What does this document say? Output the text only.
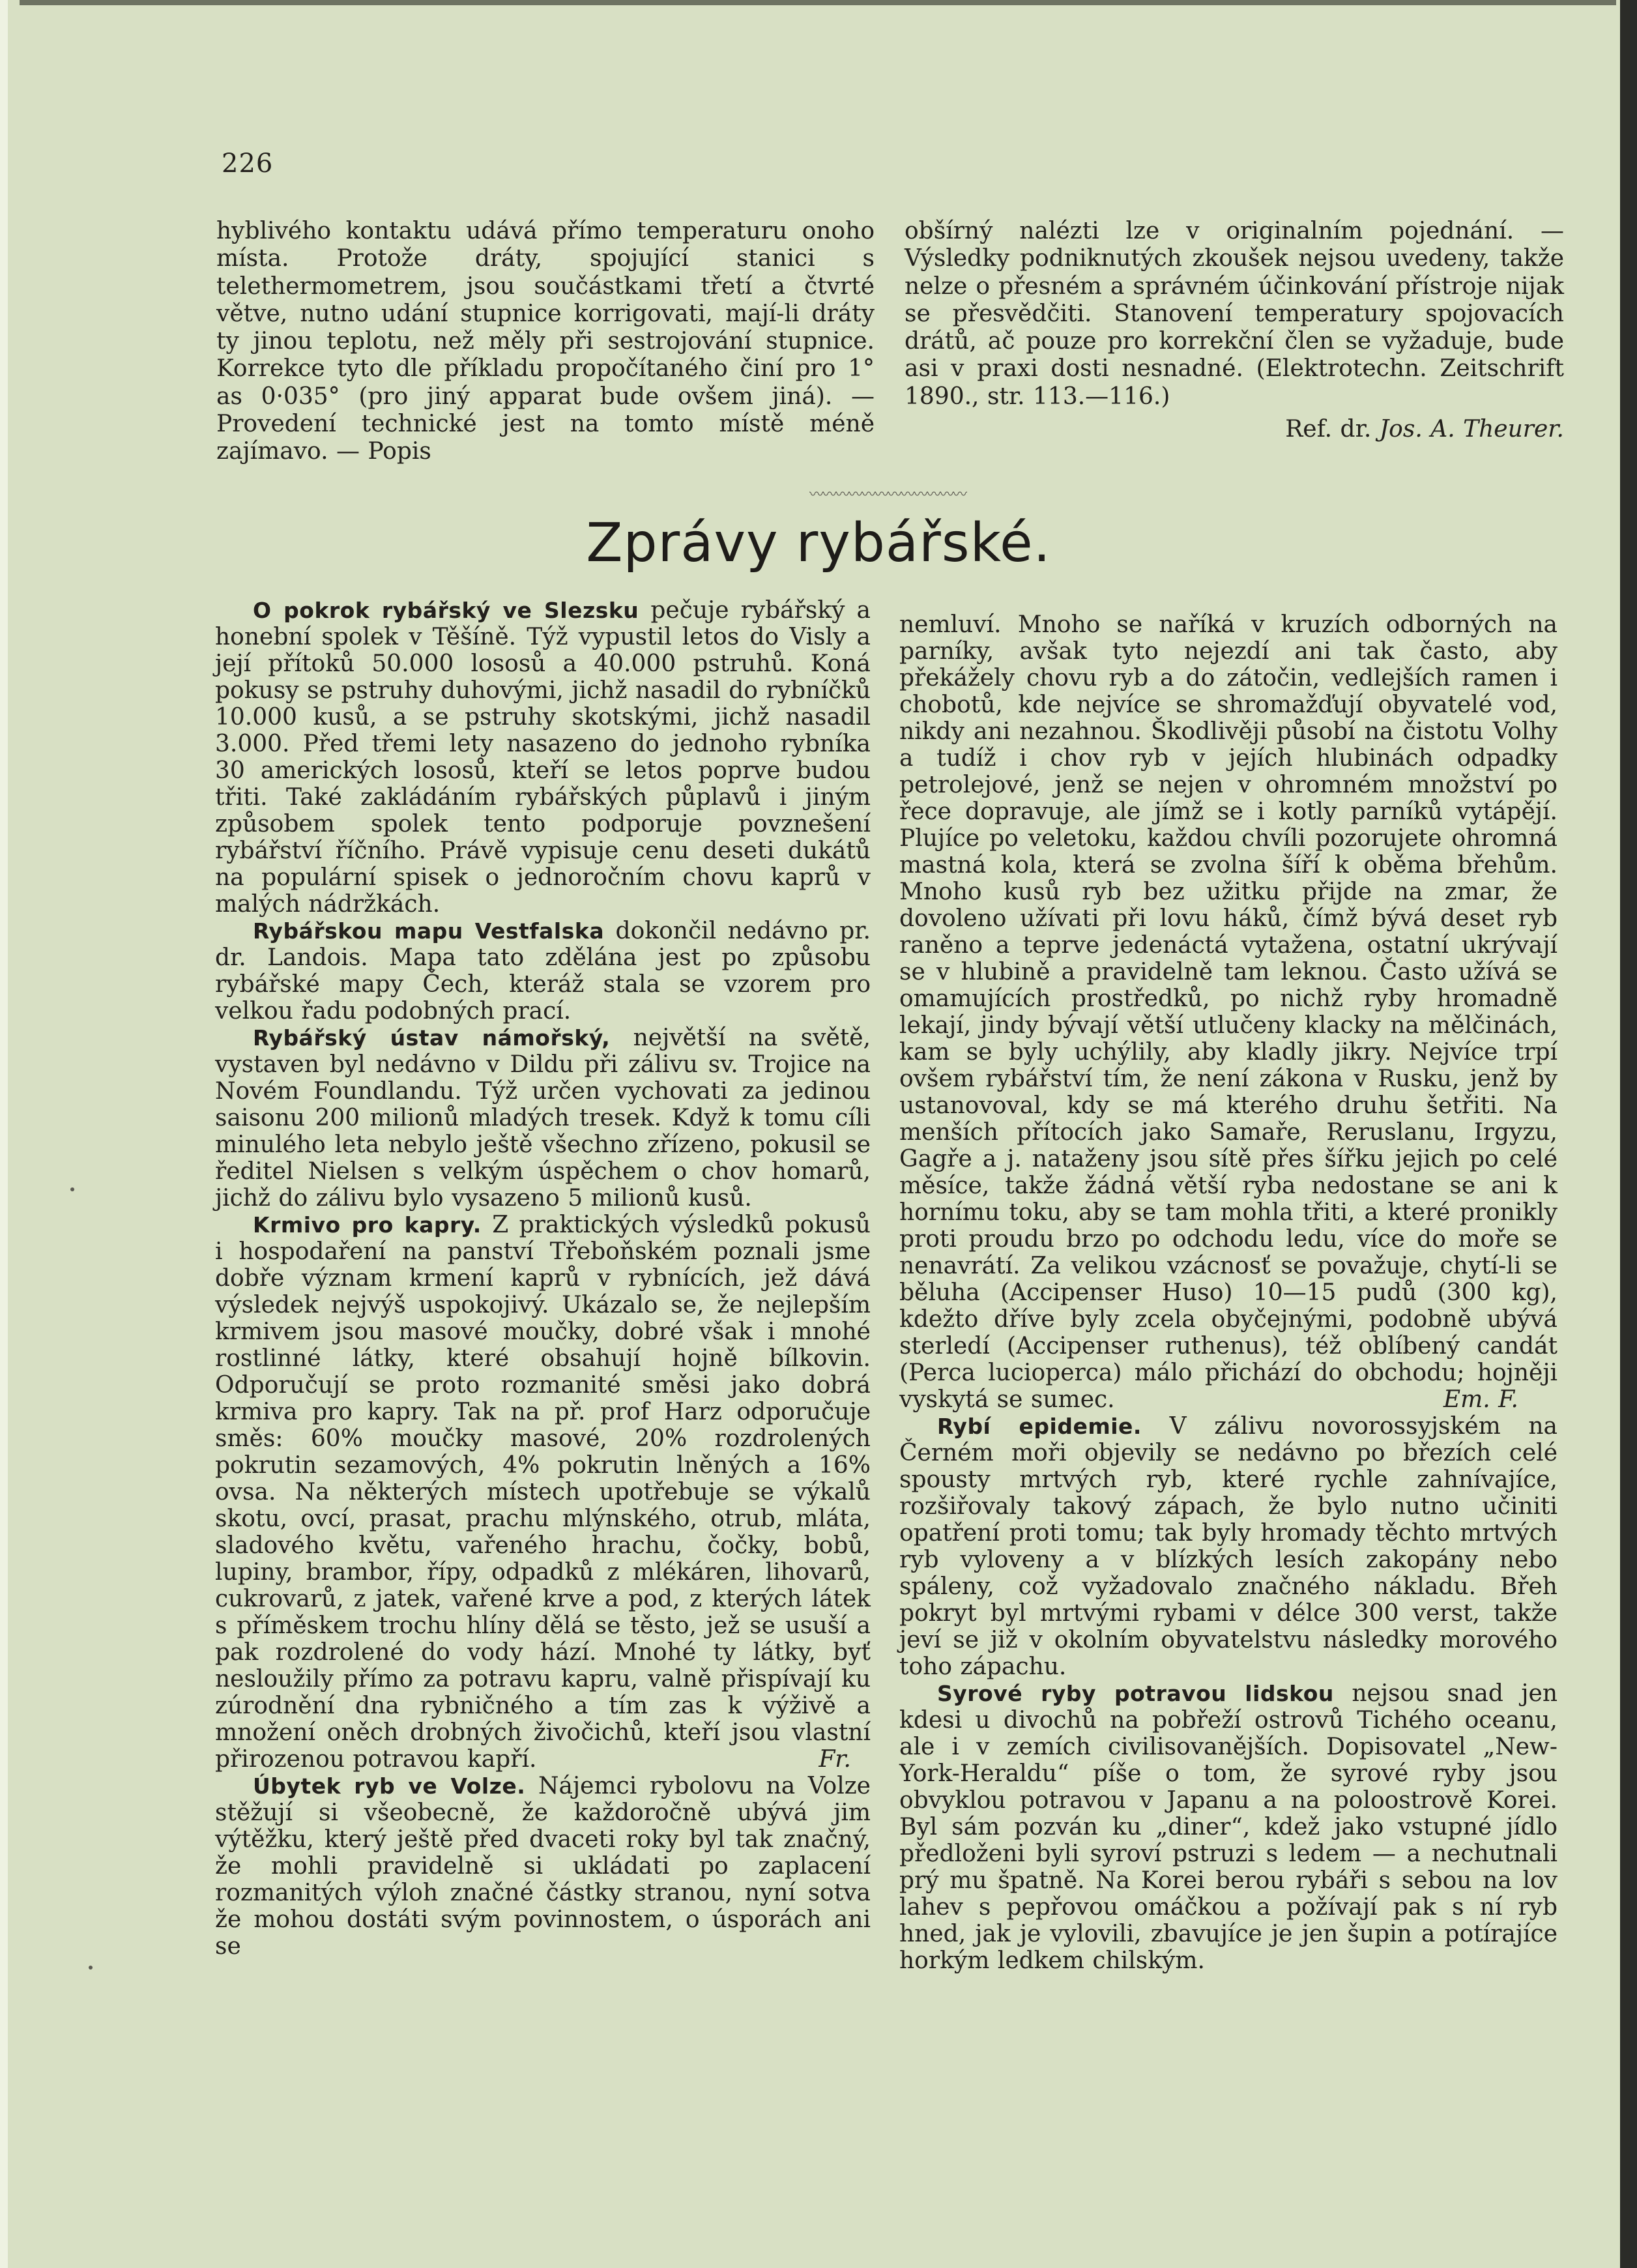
226

hyblivého kontaktu udává přímo temperaturu onoho místa. Protože dráty, spojující stanici s telethermometrem, jsou součástkami třetí a čtvrté větve, nutno udání stupnice korrigovati, mají-li dráty ty jinou teplotu, než měly při sestrojování stupnice. Korrekce tyto dle příkladu propočítaného činí pro 1° as 0·035° (pro jiný apparat bude ovšem jiná). — Provedení technické jest na tomto místě méně zajímavo. — Popis

obšírný nalézti lze v originalním pojednání. — Výsledky podniknutých zkoušek nejsou uvedeny, takže nelze o přesném a správném účinkování přístroje nijak se přesvědčiti. Stanovení temperatury spojovacích drátů, ač pouze pro korrekční člen se vyžaduje, bude asi v praxi dosti nesnadné. (Elektrotechn. Zeitschrift 1890., str. 113.—116.)

Ref. dr. Jos. A. Theurer.

〰〰〰〰〰〰〰〰〰〰〰〰
Zprávy rybářské.

O pokrok rybářský ve Slezsku pečuje rybářský a honební spolek v Těšíně. Týž vypustil letos do Visly a její přítoků 50.000 lososů a 40.000 pstruhů. Koná pokusy se pstruhy duhovými, jichž nasadil do rybníčků 10.000 kusů, a se pstruhy skotskými, jichž nasadil 3.000. Před třemi lety nasazeno do jednoho rybníka 30 amerických lososů, kteří se letos poprve budou třiti. Také zakládáním rybářských půplavů i jiným způsobem spolek tento podporuje povznešení rybářství říčního. Právě vypisuje cenu deseti dukátů na populární spisek o jednoročním chovu kaprů v malých nádržkách.

Rybářskou mapu Vestfalska dokončil nedávno pr. dr. Landois. Mapa tato zdělána jest po způsobu rybářské mapy Čech, kteráž stala se vzorem pro velkou řadu podobných prací.

Rybářský ústav námořský, největší na světě, vystaven byl nedávno v Dildu při zálivu sv. Trojice na Novém Foundlandu. Týž určen vychovati za jedinou saisonu 200 milionů mladých tresek. Když k tomu cíli minulého leta nebylo ještě všechno zřízeno, pokusil se ředitel Nielsen s velkým úspěchem o chov homarů, jichž do zálivu bylo vysazeno 5 milionů kusů.

Krmivo pro kapry. Z praktických výsledků pokusů i hospodaření na panství Třeboňském poznali jsme dobře význam krmení kaprů v rybnících, jež dává výsledek nejvýš uspokojivý. Ukázalo se, že nejlepším krmivem jsou masové moučky, dobré však i mnohé rostlinné látky, které obsahují hojně bílkovin. Odporučují se proto rozmanité směsi jako dobrá krmiva pro kapry. Tak na př. prof Harz odporučuje směs: 60% moučky masové, 20% rozdrolených pokrutin sezamových, 4% pokrutin lněných a 16% ovsa. Na některých místech upotřebuje se výkalů skotu, ovcí, prasat, prachu mlýnského, otrub, mláta, sladového květu, vařeného hrachu, čočky, bobů, lupiny, brambor, řípy, odpadků z mlékáren, lihovarů, cukrovarů, z jatek, vařené krve a pod, z kterých látek s příměskem trochu hlíny dělá se těsto, jež se usuší a pak rozdrolené do vody hází. Mnohé ty látky, byť nesloužily přímo za potravu kapru, valně přispívají ku zúrodnění dna rybničného a tím zas k výživě a množení oněch drobných živočichů, kteří jsou vlastní přirozenou potravou kapří.	Fr.

Úbytek ryb ve Volze. Nájemci rybolovu na Volze stěžují si všeobecně, že každoročně ubývá jim výtěžku, který ještě před dvaceti roky byl tak značný, že mohli pravidelně si ukládati po zaplacení rozmanitých výloh značné částky stranou, nyní sotva že mohou dostáti svým povinnostem, o úsporách ani se

nemluví. Mnoho se naříká v kruzích odborných na parníky, avšak tyto nejezdí ani tak často, aby překážely chovu ryb a do zátočin, vedlejších ramen i chobotů, kde nejvíce se shromažďují obyvatelé vod, nikdy ani nezahnou. Škodlivěji působí na čistotu Volhy a tudíž i chov ryb v jejích hlubinách odpadky petrolejové, jenž se nejen v ohromném množství po řece dopravuje, ale jímž se i kotly parníků vytápějí. Plujíce po veletoku, každou chvíli pozorujete ohromná mastná kola, která se zvolna šíří k oběma břehům. Mnoho kusů ryb bez užitku přijde na zmar, že dovoleno užívati při lovu háků, čímž bývá deset ryb raněno a teprve jedenáctá vytažena, ostatní ukrývají se v hlubině a pravidelně tam leknou. Často užívá se omamujících prostředků, po nichž ryby hromadně lekají, jindy bývají větší utlučeny klacky na mělčinách, kam se byly uchýlily, aby kladly jikry. Nejvíce trpí ovšem rybářství tím, že není zákona v Rusku, jenž by ustanovoval, kdy se má kterého druhu šetřiti. Na menších přítocích jako Samaře, Reruslanu, Irgyzu, Gagře a j. nataženy jsou sítě přes šířku jejich po celé měsíce, takže žádná větší ryba nedostane se ani k hornímu toku, aby se tam mohla třiti, a které pronikly proti proudu brzo po odchodu ledu, více do moře se nenavrátí. Za velikou vzácnosť se považuje, chytí-li se běluha (Accipenser Huso) 10—15 pudů (300 kg), kdežto dříve byly zcela obyčejnými, podobně ubývá sterledí (Accipenser ruthenus), též oblíbený candát (Perca lucioperca) málo přichází do obchodu; hojněji vyskytá se sumec.	Em. F.

Rybí epidemie. V zálivu novorossyjském na Černém moři objevily se nedávno po březích celé spousty mrtvých ryb, které rychle zahnívajíce, rozšiřovaly takový zápach, že bylo nutno učiniti opatření proti tomu; tak byly hromady těchto mrtvých ryb vyloveny a v blízkých lesích zakopány nebo spáleny, což vyžadovalo značného nákladu. Břeh pokryt byl mrtvými rybami v délce 300 verst, takže jeví se již v okolním obyvatelstvu následky morového toho zápachu.

Syrové ryby potravou lidskou nejsou snad jen kdesi u divochů na pobřeží ostrovů Tichého oceanu, ale i v zemích civilisovanějších. Dopisovatel „New-York-Heraldu“ píše o tom, že syrové ryby jsou obvyklou potravou v Japanu a na poloostrově Korei. Byl sám pozván ku „diner“, kdež jako vstupné jídlo předloženi byli syroví pstruzi s ledem — a nechutnali prý mu špatně. Na Korei berou rybáři s sebou na lov lahev s pepřovou omáčkou a požívají pak s ní ryb hned, jak je vylovili, zbavujíce je jen šupin a potírajíce horkým ledkem chilským.
